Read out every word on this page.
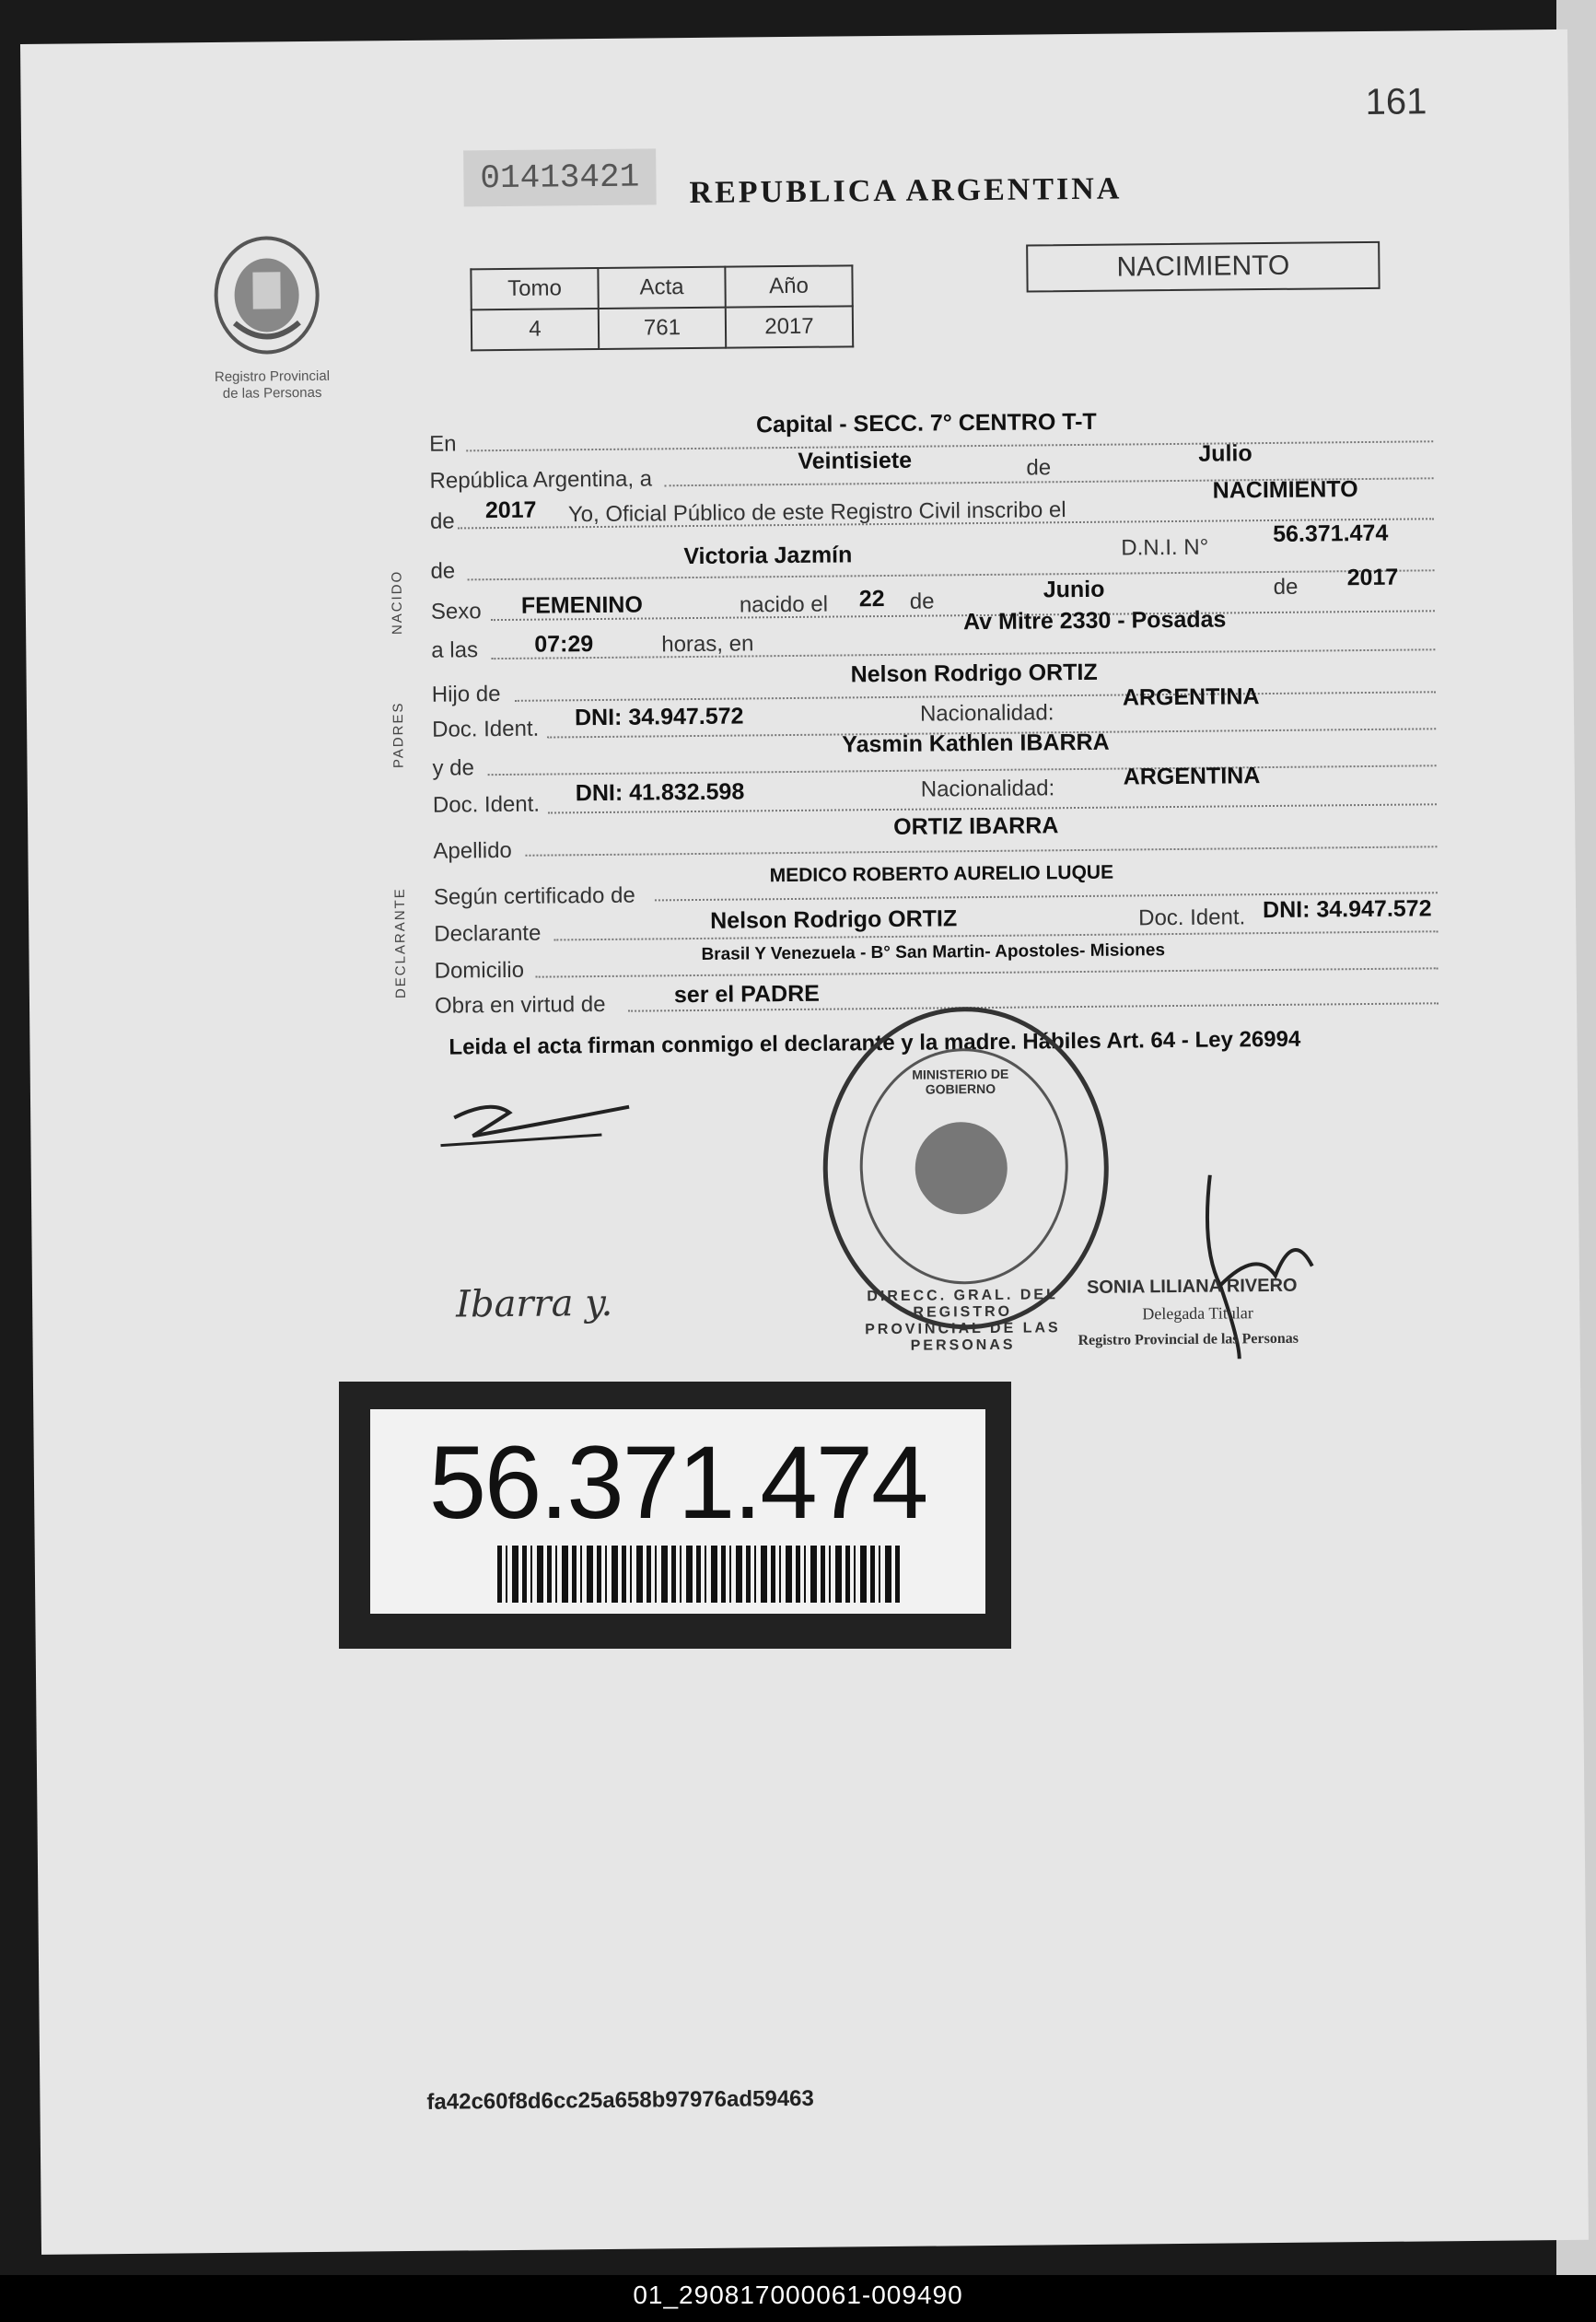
161
Registro Provincial
de las Personas
01413421	REPUBLICA ARGENTINA
Tomo	Acta	Año
4	761	2017
NACIMIENTO
NACIDO
PADRES
DECLARANTE
En
Capital - SECC. 7° CENTRO T-T
República Argentina, a
Veintisiete	de
Julio
de 2017 Yo, Oficial Público de este Registro Civil inscribo el
NACIMIENTO
de
Victoria Jazmín	D.N.I. N°
56.371.474
Sexo FEMENINO	nacido el 22 de	Junio	de 2017
a las 07:29	horas, en
Av Mitre 2330 - Posadas
Hijo de
Nelson Rodrigo ORTIZ
Doc. Ident. DNI: 34.947.572	Nacionalidad:
ARGENTINA
y de
Yasmin Kathlen IBARRA
Doc. Ident. DNI: 41.832.598	Nacionalidad:	ARGENTINA
Apellido
ORTIZ IBARRA
Según certificado de
MEDICO ROBERTO AURELIO LUQUE
Declarante	Nelson Rodrigo ORTIZ	Doc. Ident. DNI: 34.947.572
Domicilio
Brasil Y Venezuela - B° San Martin- Apostoles- Misiones
Obra en virtud de	ser el PADRE
Leida el acta firman conmigo el declarante y la madre. Hábiles Art. 64 - Ley 26994
Ibarra y.	DIRECC. GRAL. DEL REGISTRO PROVINCIAL DE LAS PERSONAS
MINISTERIO DE GOBIERNO
SONIA LILIANA RIVERO
Delegada Titular
Registro Provincial de las Personas
fa42c60f8d6cc25a658b97976ad59463
56.371.474
01_290817000061-009490
